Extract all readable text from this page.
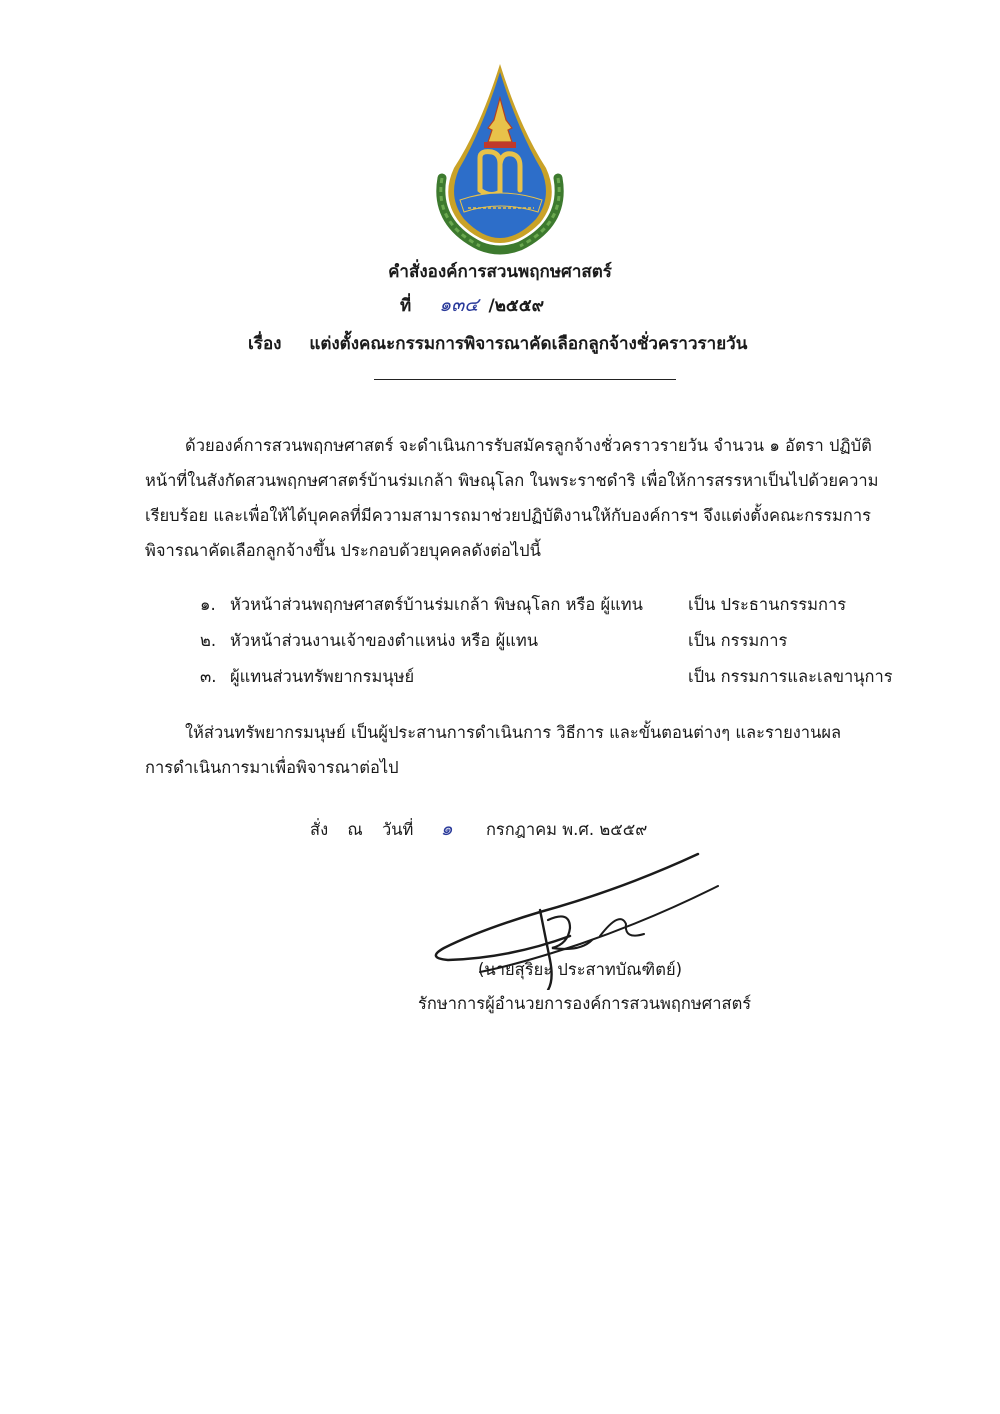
คำสั่งองค์การสวนพฤกษศาสตร์
ที่ ๑๓๔ /๒๕๕๙
เรื่อง แต่งตั้งคณะกรรมการพิจารณาคัดเลือกลูกจ้างชั่วคราวรายวัน

ด้วยองค์การสวนพฤกษศาสตร์ จะดำเนินการรับสมัครลูกจ้างชั่วคราวรายวัน จำนวน ๑ อัตรา ปฏิบัติ

หน้าที่ในสังกัดสวนพฤกษศาสตร์บ้านร่มเกล้า พิษณุโลก ในพระราชดำริ เพื่อให้การสรรหาเป็นไปด้วยความ

เรียบร้อย และเพื่อให้ได้บุคคลที่มีความสามารถมาช่วยปฏิบัติงานให้กับองค์การฯ จึงแต่งตั้งคณะกรรมการ

พิจารณาคัดเลือกลูกจ้างขึ้น ประกอบด้วยบุคคลดังต่อไปนี้

๑. หัวหน้าส่วนพฤกษศาสตร์บ้านร่มเกล้า พิษณุโลก หรือ ผู้แทน	เป็น ประธานกรรมการ
๒. หัวหน้าส่วนงานเจ้าของตำแหน่ง หรือ ผู้แทน	เป็น กรรมการ
๓. ผู้แทนส่วนทรัพยากรมนุษย์	เป็น กรรมการและเลขานุการ

ให้ส่วนทรัพยากรมนุษย์ เป็นผู้ประสานการดำเนินการ วิธีการ และขั้นตอนต่างๆ และรายงานผล

การดำเนินการมาเพื่อพิจารณาต่อไป

สั่ง ณ วันที่ ๑ กรกฎาคม พ.ศ. ๒๕๕๙
(นายสุริยะ ประสาทบัณฑิตย์)
รักษาการผู้อำนวยการองค์การสวนพฤกษศาสตร์
